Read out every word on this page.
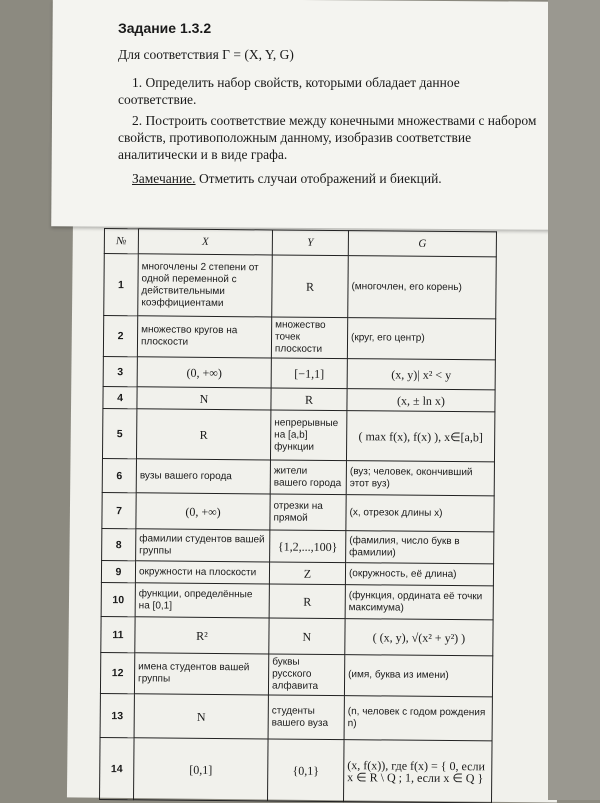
Задание 1.3.2
Для соответствия Г = (X, Y, G)
1. Определить набор свойств, которыми обладает данное соответствие.
2. Построить соответствие между конечными множествами с набором свойств, противоположным данному, изобразив соответствие аналитически и в виде графа.
Замечание. Отметить случаи отображений и биекций.
№	X	Y	G
1	многочлены 2 степени от одной переменной с действительными коэффициентами	R	(многочлен, его корень)
2	множество кругов на плоскости	множество точек плоскости	(круг, его центр)
3	(0, +∞)	[−1,1]	(x, y)| x² < y
4	N	R	(x, ± ln x)
5	R	непрерывные на [a,b] функции	( max f(x), f(x) ), x∈[a,b]
6	вузы вашего города	жители вашего города	(вуз; человек, окончивший этот вуз)
7	(0, +∞)	отрезки на прямой	(x, отрезок длины x)
8	фамилии студентов вашей группы	{1,2,...,100}	(фамилия, число букв в фамилии)
9	окружности на плоскости	Z	(окружность, её длина)
10	функции, определённые на [0,1]	R	(функция, ордината её точки максимума)
11	R²	N	( (x, y), √(x² + y²) )
12	имена студентов вашей группы	буквы русского алфавита	(имя, буква из имени)
13	N	студенты вашего вуза	(n, человек с годом рождения n)
14	[0,1]	{0,1}	(x, f(x)), где f(x) = { 0, если x ∈ R \ Q ; 1, если x ∈ Q }
